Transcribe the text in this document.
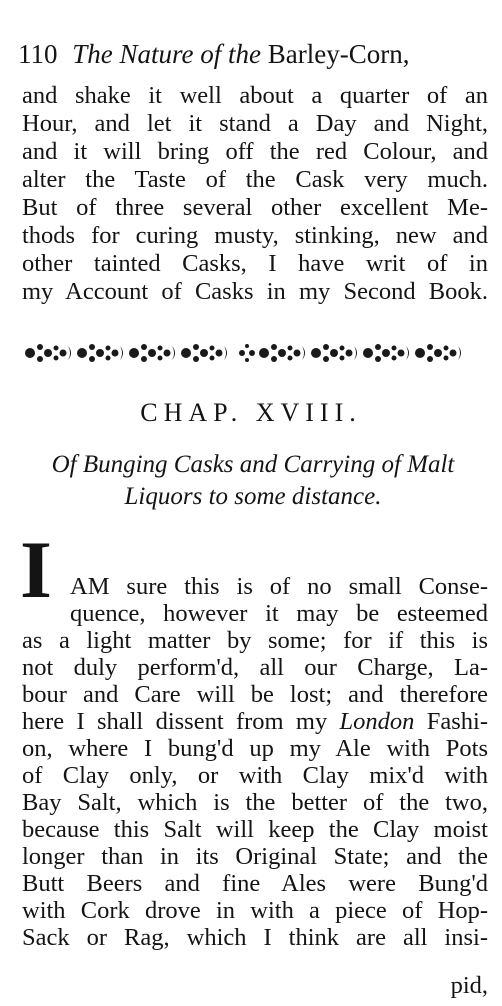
110 The Nature of the Barley-Corn,
and shake it well about a quarter of an
Hour, and let it stand a Day and Night,
and it will bring off the red Colour, and
alter the Taste of the Cask very much.
But of three several other excellent Me-
thods for curing musty, stinking, new and
other tainted Casks, I have writ of in
my Account of Casks in my Second Book.
CHAP. XVIII.
Of Bunging Casks and Carrying of Malt
Liquors to some distance.
I AM sure this is of no small Conse-
quence, however it may be esteemed
as a light matter by some; for if this is
not duly perform'd, all our Charge, La-
bour and Care will be lost; and therefore
here I shall dissent from my London Fashi-
on, where I bung'd up my Ale with Pots
of Clay only, or with Clay mix'd with
Bay Salt, which is the better of the two,
because this Salt will keep the Clay moist
longer than in its Original State; and the
Butt Beers and fine Ales were Bung'd
with Cork drove in with a piece of Hop-
Sack or Rag, which I think are all insi-
pid,
